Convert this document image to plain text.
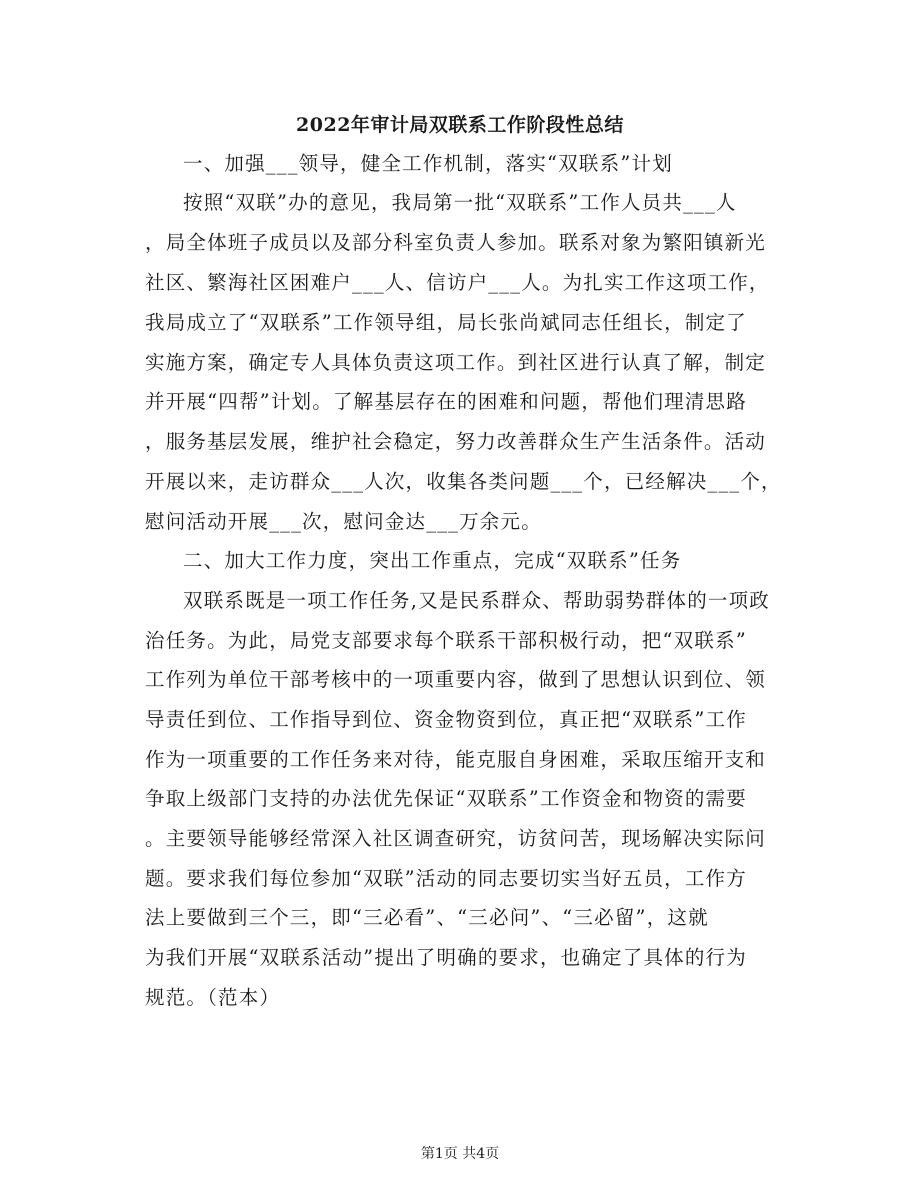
2022年审计局双联系工作阶段性总结
一、加强___领导，健全工作机制，落实“双联系”计划
按照“双联”办的意见，我局第一批“双联系”工作人员共___人
，局全体班子成员以及部分科室负责人参加。联系对象为繁阳镇新光
社区、繁海社区困难户___人、信访户___人。为扎实工作这项工作，
我局成立了“双联系”工作领导组，局长张尚斌同志任组长，制定了
实施方案，确定专人具体负责这项工作。到社区进行认真了解，制定
并开展“四帮”计划。了解基层存在的困难和问题，帮他们理清思路
，服务基层发展，维护社会稳定，努力改善群众生产生活条件。活动
开展以来，走访群众___人次，收集各类问题___个，已经解决___个，
慰问活动开展___次，慰问金达___万余元。
二、加大工作力度，突出工作重点，完成“双联系”任务
双联系既是一项工作任务,又是民系群众、帮助弱势群体的一项政
治任务。为此，局党支部要求每个联系干部积极行动，把“双联系”
工作列为单位干部考核中的一项重要内容，做到了思想认识到位、领
导责任到位、工作指导到位、资金物资到位，真正把“双联系”工作
作为一项重要的工作任务来对待，能克服自身困难，采取压缩开支和
争取上级部门支持的办法优先保证“双联系”工作资金和物资的需要
。主要领导能够经常深入社区调查研究，访贫问苦，现场解决实际问
题。要求我们每位参加“双联”活动的同志要切实当好五员，工作方
法上要做到三个三，即“三必看”、“三必问”、“三必留”，这就
为我们开展“双联系活动”提出了明确的要求，也确定了具体的行为
规范。（范本）
第1页 共4页
